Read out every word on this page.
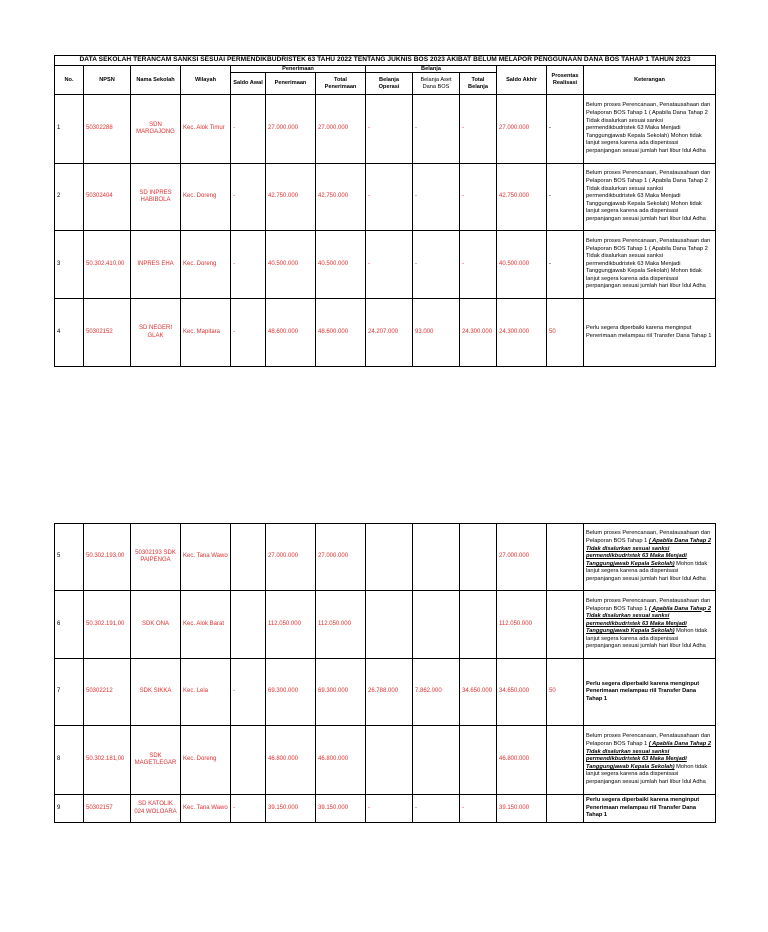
DATA SEKOLAH TERANCAM SANKSI SESUAI PERMENDIKBUDRISTEK 63 TAHU 2022 TENTANG JUKNIS BOS 2023 AKIBAT BELUM MELAPOR PENGGUNAAN DANA BOS TAHAP 1 TAHUN 2023												
No.	NPSN	Nama Sekolah	Wilayah	Penerimaan			Belanja			Saldo Akhir	Prosentas Realisasi	Keterangan
				Saldo Awal	Penerimaan	Total Penerimaan	Belanja Operasi	Belanja Aset Dana BOS	Total Belanja			
1	50302288	SDN MARGAJONG	Kec. Alok Timur	-	27.000.000	27.000.000	-	-	-	27.000.000	-	Belum proses Perencanaan, Penatausahaan dan Pelaporan BOS Tahap 1 ( Apabila Dana Tahap 2 Tidak disalurkan sesuai sanksi permendikbudristek 63 Maka Menjadi Tanggungjawab Kepala Sekolah) Mohon tidak lanjut segera karena ada dispenisasi perpanjangan sesuai jumlah hari libur Idul Adha
2	50302404	SD INPRES HABIBOLA	Kec. Doreng	-	42.750.000	42.750.000	-	-	-	42.750.000	-	Belum proses Perencanaan, Penatausahaan dan Pelaporan BOS Tahap 1 ( Apabila Dana Tahap 2 Tidak disalurkan sesuai sanksi permendikbudristek 63 Maka Menjadi Tanggungjawab Kepala Sekolah) Mohon tidak lanjut segera karena ada dispenisasi perpanjangan sesuai jumlah hari libur Idul Adha
3	50.302.410,00	INPRES EHA	Kec. Doreng	-	40.500.000	40.500.000	-	-	-	40.500.000	-	Belum proses Perencanaan, Penatausahaan dan Pelaporan BOS Tahap 1 ( Apabila Dana Tahap 2 Tidak disalurkan sesuai sanksi permendikbudristek 63 Maka Menjadi Tanggungjawab Kepala Sekolah) Mohon tidak lanjut segera karena ada dispenisasi perpanjangan sesuai jumlah hari libur Idul Adha
4	50302152	SD NEGERI GLAK	Kec. Mapitara	-	48.600.000	48.600.000	24.207.000	93.000	24.300.000	24.300.000	50	Perlu segera diperbaiki karena menginput Penerimaan melampau riil Transfer Dana Tahap 1
5	50.302.193,00	50302193 SDK PAIPENGA	Kec. Tana Wawo		27.000.000	27.000.000				27.000.000		Belum proses Perencanaan, Penatausahaan dan Pelaporan BOS Tahap 1 ( Apabila Dana Tahap 2 Tidak disalurkan sesuai sanksi permendikbudristek 63 Maka Menjadi Tanggungjawab Kepala Sekolah) Mohon tidak lanjut segera karena ada dispenisasi perpanjangan sesuai jumlah hari libur Idul Adha
6	50.302.191,00	SDK ONA	Kec. Alok Barat		112.050.000	112.050.000				112.050.000		Belum proses Perencanaan, Penatausahaan dan Pelaporan BOS Tahap 1 ( Apabila Dana Tahap 2 Tidak disalurkan sesuai sanksi permendikbudristek 63 Maka Menjadi Tanggungjawab Kepala Sekolah) Mohon tidak lanjut segera karena ada dispenisasi perpanjangan sesuai jumlah hari libur Idul Adha
7	50302212	SDK SIKKA	Kec. Lela	-	69.300.000	69.300.000	26.788.000	7.862.000	34.650.000	34.650.000	50	Perlu segera diperbaiki karena menginput Penerimaan melampau riil Transfer Dana Tahap 1
8	50.302.181,00	SDK MAGETLEGAR	Kec. Doreng		46.800.000	46.800.000				46.800.000		Belum proses Perencanaan, Penatausahaan dan Pelaporan BOS Tahap 1 ( Apabila Dana Tahap 2 Tidak disalurkan sesuai sanksi permendikbudristek 63 Maka Menjadi Tanggungjawab Kepala Sekolah) Mohon tidak lanjut segera karena ada dispenisasi perpanjangan sesuai jumlah hari libur Idul Adha
9	50302157	SD KATOLIK 024 WOLOARA	Kec. Tana Wawo	-	39.150.000	39.150.000	-	-	-	39.150.000		Perlu segera diperbaiki karena menginput Penerimaan melampau riil Transfer Dana Tahap 1
